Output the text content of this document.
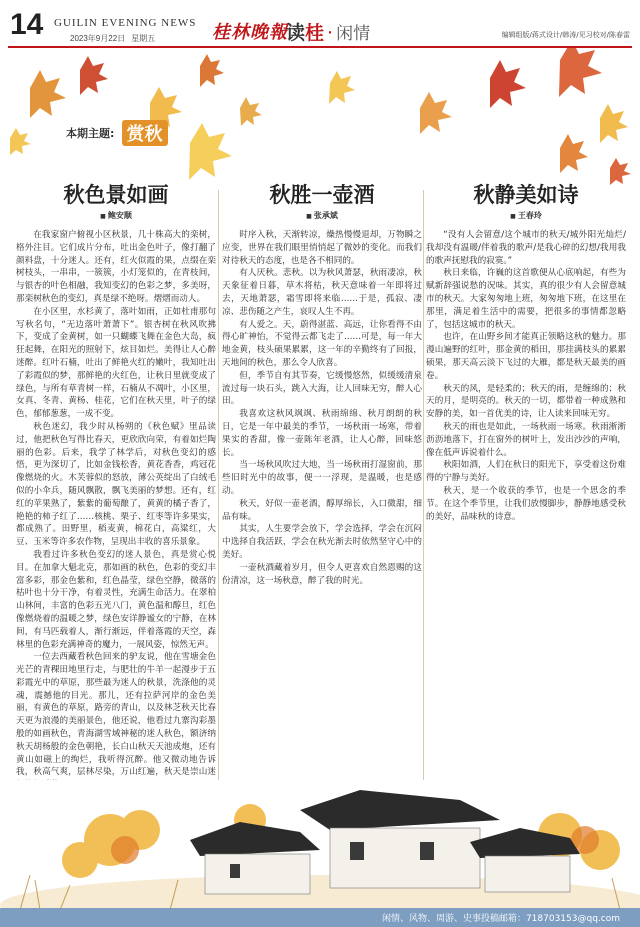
14 GUILIN EVENING NEWS
2023年9月22日 星期五	桂林晚報
读桂 · 闲情	编辑组版/蒋式设计/韩涛/见习校对/陈春雷
本期主题: 赏秋
秋色景如画
■ 鲍安顺

在我家窗户俯视小区秋景，几十株高大的栾树，格外注目。它们成片分布，吐出金色叶子，像打翻了颜料盘，十分迷人。还有，红火似霞的果，点缀在栾树枝头，一串串，一簇簇，小灯笼似的，在青枝间，与银杏的叶色相融，我知变幻的色彩之梦，多美呀，那栾树秋色的变幻，真是绿不绝呀。熠熠而动人。

在小区里，水杉黄了，落叶如雨，正如杜甫那句写秋名句，“无边落叶萧萧下”。银杏树在秋风吹拂下，变成了金黄树，如一只蝴蝶飞舞在金色大岛，疯狂起舞，在阳光的照射下，炫目如烂。美得让人心醉迷醉。红叶石楠，吐出了鲜艳火红的嫩叶，我知吐出了彩霞似的梦，那鲜艳的火红色，让秋日里就变成了绿色，与所有草青树一样，石楠从不凋叶，小区里，女真、冬青、黄杨、桂花，它们在秋天里，叶子的绿色，郁郁葱葱，一成不变。

秋色迷幻，我少时从杨朔的《秋色赋》里品读过，他把秋色写得比春天，更欣欣向荣，有着如烂陶丽的色彩。后来，我学了林学后，对秋色变幻的感悟，更为深切了，比如金钱松香，黄花香香，鸡冠花像燃烧的火。木芙蓉似的怒放，薄公英绽出了白绒毛似的小伞兵，随风飘散，飘飞美丽的梦想。还有，红红的苹果熟了，紫紫的葡萄酿了，黄黄的橘子香了，艳艳的柿子红了……核桃、栗子、红枣等许多果实，都成熟了。田野里，稻麦黄，棉花白，高粱红，大豆、玉米等许多农作物，呈现出丰收的喜乐景象。

我看过许多秋色变幻的迷人景色，真是赏心悦目。在加拿大魁北克，那如画的秋色，色彩的变幻丰富多彩，那金色紫和，红色晶莹，绿色空静，微落的枯叶也十分干净，有着灵性，充满生命活力。在翠柏山林间，丰富的色彩五光八门，黄色温和醇旦，红色像燃烧着的温暖之梦，绿色安详静谧女的宁静，在林间，有马匹载着人，渐行渐远，伴着落霞的天空，森林里的色彩充满神奇的魔力，一展风姿，惊然无声。

一位去西藏看秋色回来的驴友说，他在雪塘金色光芒的青稞田地里行走，与肥壮的牛羊一起漫步于五彩霞光中的草原，那些最为迷人的秋景，洗涤他的灵魂，震撼他的目光。那儿，还有拉萨河岸的金色美丽，有黄色的草原，路旁的青山，以及林芝秋天比春天更为浪漫的美丽景色，他还说，他看过九寨沟彩墨般的如画秋色，青海湖雪域神秘的迷人秋色，额济纳秋天胡杨般的金色朝艳，长白山秋天天池成炮，还有黄山如磁上的绚烂，我听得沉醉。他又微动地告诉我，秋高气爽，层林尽染，万山红遍，秋天是崇山迷

秋胜一壶酒
■ 张承斌

时序入秋，天渐转凉，燥热慢慢退却，万物瞬之应变，世界在我们眼里悄悄起了微妙的变化。而我们对待秋天的态度，也是各不相同的。

有人厌秋。悲秋。以为秋风萧瑟，秋雨凄凉，秋天象征着日暮，草木将枯，秋天意味着一年即将过去，天地萧瑟，霜雪即将来临……于是，孤寂、凄凉、悲伤随之产生，哀叹人生不再。

有人爱之。天，蔚得湛蓝、高远，让你看得不由得心旷神怡，不觉得云都飞走了……可是，每一年大地金黄，枝头硕果累累，这一年的辛勤终有了回报，天地间的秋色，那么令人欣喜。

但，季节自有其节奏，它缓慢悠然，似缓缓清泉流过每一块石头，跳入大海，让人回味无穷，醉人心田。

我喜欢这秋风飒飒、秋雨绵绵、秋月朗朗的秋日，它是一年中最美的季节，一场秋雨一场寒，带着果实的香甜，像一壶陈年老酒，让人心醉，回味悠长。

当一场秋风吹过大地，当一场秋雨打湿窗前，那些旧时光中的故事，便一一浮现，是温暖，也是感动。

秋天，好似一壶老酒，醇厚绵长，入口微甜，细品有味。

其实，人生要学会放下，学会选择，学会在沉闷中选择自我活跃，学会在秋光渐去时依然坚守心中的美好。

一壶秋酒藏着岁月，但令人更喜欢自然恩赐的这份清凉，这一场秋意，醉了我的时光。

秋静美如诗
■ 王春玲

“没有人会留意/这个城市的秋天/城外阳光灿烂/我却没有温暖/伴着我的歌声/是我心碎的幻想/我用我的歌声抚慰我的寂寞。”

秋日来临，许巍的这首歌便从心底响起，有些为赋新辞强说愁的况味。其实，真的很少有人会留意城市的秋天。大家匆匆地上班，匆匆地下班，在这里在那里，满足着生活中的需要，把很多的事情都忽略了，包括这城市的秋天。

也许，在山野乡间才能真正领略这秋的魅力。那漫山遍野的红叶，那金黄的稻田，那挂满枝头的累累硕果，那天高云淡下飞过的大雁，都是秋天最美的画卷。

秋天的风，是轻柔的；秋天的雨，是缠绵的；秋天的月，是明亮的。秋天的一切，都带着一种成熟和安静的美，如一首优美的诗，让人读来回味无穷。

秋天的雨也是如此，一场秋雨一场寒。秋雨淅淅沥沥地落下，打在窗外的树叶上，发出沙沙的声响，像在低声诉说着什么。

秋阳如酒，人们在秋日的阳光下，享受着这份难得的宁静与美好。

秋天，是一个收获的季节，也是一个思念的季节。在这个季节里，让我们放慢脚步，静静地感受秋的美好，品味秋的诗意。

闲情、风物、周游、史事投稿邮箱：718703153@qq.com
